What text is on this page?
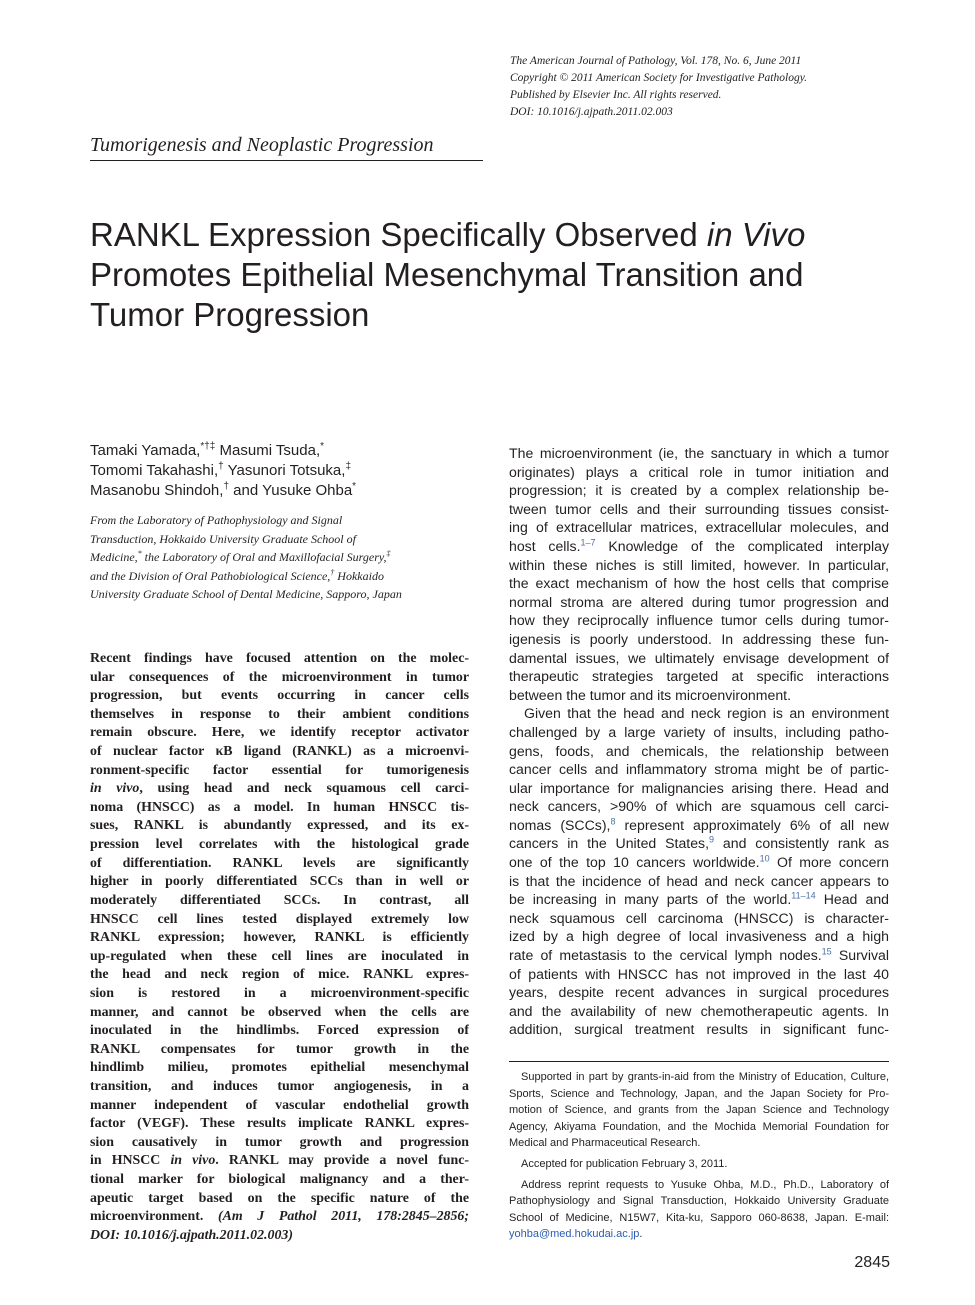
The American Journal of Pathology, Vol. 178, No. 6, June 2011
Copyright © 2011 American Society for Investigative Pathology.
Published by Elsevier Inc. All rights reserved.
DOI: 10.1016/j.ajpath.2011.02.003
Tumorigenesis and Neoplastic Progression
RANKL Expression Specifically Observed in Vivo
Promotes Epithelial Mesenchymal Transition and
Tumor Progression
Tamaki Yamada,*†‡ Masumi Tsuda,*
Tomomi Takahashi,† Yasunori Totsuka,‡
Masanobu Shindoh,† and Yusuke Ohba*
From the Laboratory of Pathophysiology and Signal
Transduction, Hokkaido University Graduate School of
Medicine,* the Laboratory of Oral and Maxillofacial Surgery,‡
and the Division of Oral Pathobiological Science,† Hokkaido
University Graduate School of Dental Medicine, Sapporo, Japan
Recent findings have focused attention on the molec-
ular consequences of the microenvironment in tumor
progression, but events occurring in cancer cells
themselves in response to their ambient conditions
remain obscure. Here, we identify receptor activator
of nuclear factor κB ligand (RANKL) as a microenvi-
ronment-specific factor essential for tumorigenesis
in vivo, using head and neck squamous cell carci-
noma (HNSCC) as a model. In human HNSCC tis-
sues, RANKL is abundantly expressed, and its ex-
pression level correlates with the histological grade
of differentiation. RANKL levels are significantly
higher in poorly differentiated SCCs than in well or
moderately differentiated SCCs. In contrast, all
HNSCC cell lines tested displayed extremely low
RANKL expression; however, RANKL is efficiently
up-regulated when these cell lines are inoculated in
the head and neck region of mice. RANKL expres-
sion is restored in a microenvironment-specific
manner, and cannot be observed when the cells are
inoculated in the hindlimbs. Forced expression of
RANKL compensates for tumor growth in the
hindlimb milieu, promotes epithelial mesenchymal
transition, and induces tumor angiogenesis, in a
manner independent of vascular endothelial growth
factor (VEGF). These results implicate RANKL expres-
sion causatively in tumor growth and progression
in HNSCC in vivo. RANKL may provide a novel func-
tional marker for biological malignancy and a ther-
apeutic target based on the specific nature of the
microenvironment. (Am J Pathol 2011, 178:2845–2856;
DOI: 10.1016/j.ajpath.2011.02.003)
The microenvironment (ie, the sanctuary in which a tumor
originates) plays a critical role in tumor initiation and
progression; it is created by a complex relationship be-
tween tumor cells and their surrounding tissues consist-
ing of extracellular matrices, extracellular molecules, and
host cells.$^{1-7}$ Knowledge of the complicated interplay
within these niches is still limited, however. In particular,
the exact mechanism of how the host cells that comprise
normal stroma are altered during tumor progression and
how they reciprocally influence tumor cells during tumor-
igenesis is poorly understood. In addressing these fun-
damental issues, we ultimately envisage development of
therapeutic strategies targeted at specific interactions
between the tumor and its microenvironment.
Given that the head and neck region is an environment
challenged by a large variety of insults, including patho-
gens, foods, and chemicals, the relationship between
cancer cells and inflammatory stroma might be of partic-
ular importance for malignancies arising there. Head and
neck cancers, >90% of which are squamous cell carci-
nomas (SCCs),$^8$ represent approximately 6% of all new
cancers in the United States,$^9$ and consistently rank as
one of the top 10 cancers worldwide.$^{10}$ Of more concern
is that the incidence of head and neck cancer appears to
be increasing in many parts of the world.$^{11-14}$ Head and
neck squamous cell carcinoma (HNSCC) is character-
ized by a high degree of local invasiveness and a high
rate of metastasis to the cervical lymph nodes.$^{15}$ Survival
of patients with HNSCC has not improved in the last 40
years, despite recent advances in surgical procedures
and the availability of new chemotherapeutic agents. In
addition, surgical treatment results in significant func-
Supported in part by grants-in-aid from the Ministry of Education, Culture,
Sports, Science and Technology, Japan, and the Japan Society for Pro-
motion of Science, and grants from the Japan Science and Technology
Agency, Akiyama Foundation, and the Mochida Memorial Foundation for
Medical and Pharmaceutical Research.
Accepted for publication February 3, 2011.
Address reprint requests to Yusuke Ohba, M.D., Ph.D., Laboratory of
Pathophysiology and Signal Transduction, Hokkaido University Graduate
School of Medicine, N15W7, Kita-ku, Sapporo 060-8638, Japan. E-mail:
yohba@med.hokudai.ac.jp.
2845
